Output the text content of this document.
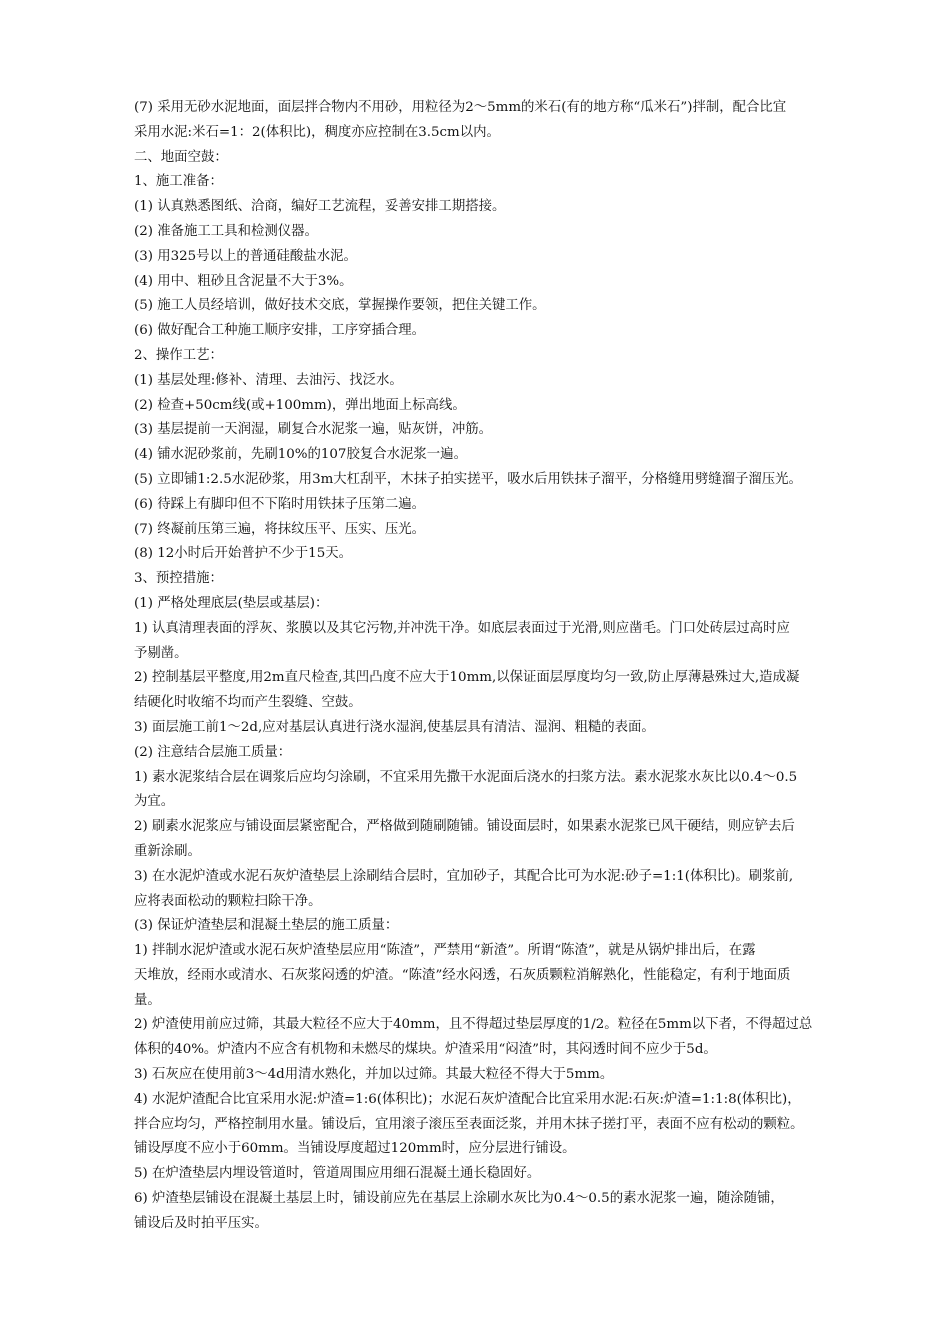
(7) 采用无砂水泥地面，面层拌合物内不用砂，用粒径为2～5mm的米石(有的地方称“瓜米石”)拌制，配合比宜
采用水泥:米石=1：2(体积比)，稠度亦应控制在3.5cm以内。
二、地面空鼓：
1、施工准备：
(1) 认真熟悉图纸、洽商，编好工艺流程，妥善安排工期搭接。
(2) 准备施工工具和检测仪器。
(3) 用325号以上的普通硅酸盐水泥。
(4) 用中、粗砂且含泥量不大于3%。
(5) 施工人员经培训，做好技术交底，掌握操作要领，把住关键工作。
(6) 做好配合工种施工顺序安排，工序穿插合理。
2、操作工艺：
(1) 基层处理:修补、清理、去油污、找泛水。
(2) 检查+50cm线(或+100mm)，弹出地面上标高线。
(3) 基层提前一天润湿，刷复合水泥浆一遍，贴灰饼，冲筋。
(4) 铺水泥砂浆前，先刷10%的107胶复合水泥浆一遍。
(5) 立即铺1:2.5水泥砂浆，用3m大杠刮平，木抹子拍实搓平，吸水后用铁抹子溜平，分格缝用劈缝溜子溜压光。
(6) 待踩上有脚印但不下陷时用铁抹子压第二遍。
(7) 终凝前压第三遍，将抹纹压平、压实、压光。
(8) 12小时后开始普护不少于15天。
3、预控措施：
(1) 严格处理底层(垫层或基层)：
1) 认真清理表面的浮灰、浆膜以及其它污物,并冲洗干净。如底层表面过于光滑,则应凿毛。门口处砖层过高时应
予剔凿。
2) 控制基层平整度,用2m直尺检查,其凹凸度不应大于10mm,以保证面层厚度均匀一致,防止厚薄悬殊过大,造成凝
结硬化时收缩不均而产生裂缝、空鼓。
3) 面层施工前1～2d,应对基层认真进行浇水湿润,使基层具有清洁、湿润、粗糙的表面。
(2) 注意结合层施工质量：
1) 素水泥浆结合层在调浆后应均匀涂刷，不宜采用先撒干水泥面后浇水的扫浆方法。素水泥浆水灰比以0.4～0.5
为宜。
2) 刷素水泥浆应与铺设面层紧密配合，严格做到随刷随铺。铺设面层时，如果素水泥浆已风干硬结，则应铲去后
重新涂刷。
3) 在水泥炉渣或水泥石灰炉渣垫层上涂刷结合层时，宜加砂子，其配合比可为水泥:砂子=1:1(体积比)。刷浆前,
应将表面松动的颗粒扫除干净。
(3) 保证炉渣垫层和混凝土垫层的施工质量：
1) 拌制水泥炉渣或水泥石灰炉渣垫层应用“陈渣”，严禁用“新渣”。所谓“陈渣”，就是从锅炉排出后，在露
天堆放，经雨水或清水、石灰浆闷透的炉渣。“陈渣”经水闷透，石灰质颗粒消解熟化，性能稳定，有利于地面质
量。
2) 炉渣使用前应过筛，其最大粒径不应大于40mm，且不得超过垫层厚度的1/2。粒径在5mm以下者，不得超过总
体积的40%。炉渣内不应含有机物和未燃尽的煤块。炉渣采用“闷渣”时，其闷透时间不应少于5d。
3) 石灰应在使用前3～4d用清水熟化，并加以过筛。其最大粒径不得大于5mm。
4) 水泥炉渣配合比宜采用水泥:炉渣=1:6(体积比)；水泥石灰炉渣配合比宜采用水泥:石灰:炉渣=1:1:8(体积比)，
拌合应均匀，严格控制用水量。铺设后，宜用滚子滚压至表面泛浆，并用木抹子搓打平，表面不应有松动的颗粒。
铺设厚度不应小于60mm。当铺设厚度超过120mm时，应分层进行铺设。
5) 在炉渣垫层内埋设管道时，管道周围应用细石混凝土通长稳固好。
6) 炉渣垫层铺设在混凝土基层上时，铺设前应先在基层上涂刷水灰比为0.4～0.5的素水泥浆一遍，随涂随铺，
铺设后及时拍平压实。
